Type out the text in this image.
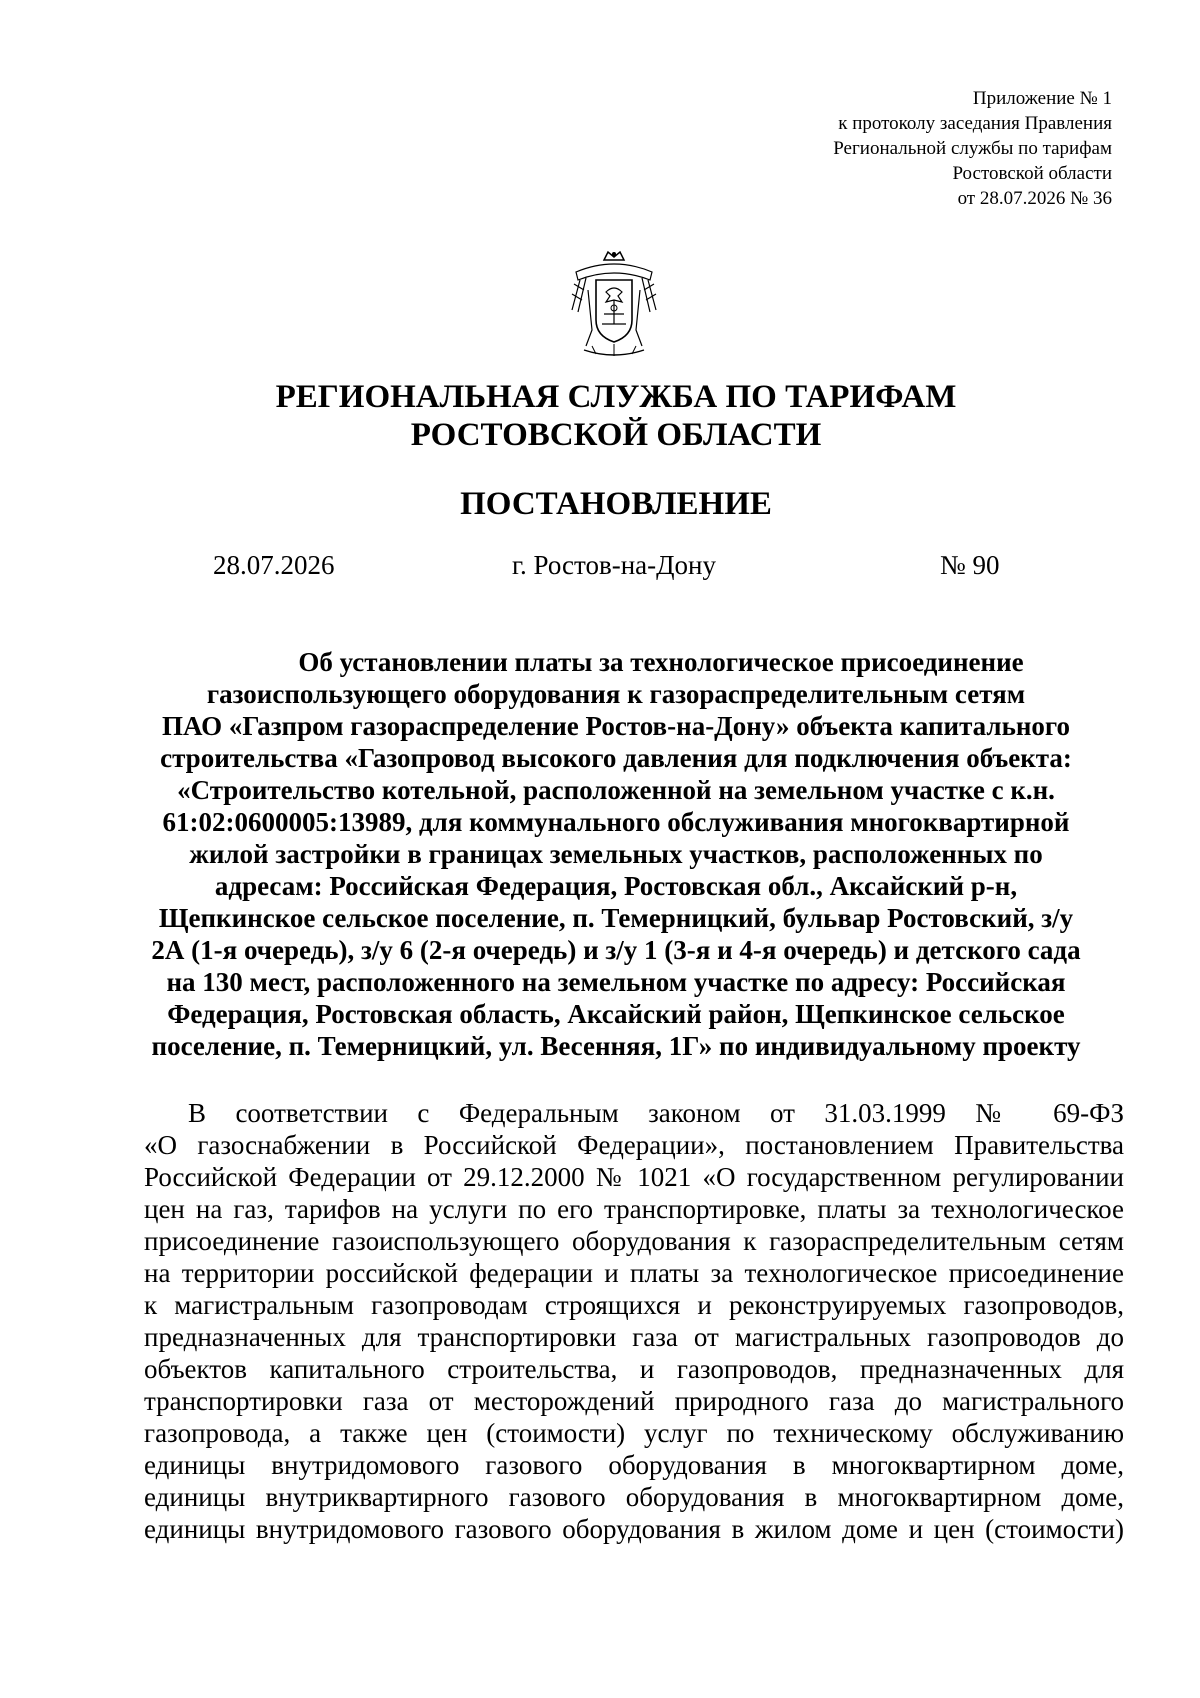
Приложение № 1
к протоколу заседания Правления
Региональной службы по тарифам
Ростовской области
от 28.07.2026 № 36
РЕГИОНАЛЬНАЯ СЛУЖБА ПО ТАРИФАМ
РОСТОВСКОЙ ОБЛАСТИ
ПОСТАНОВЛЕНИЕ
28.07.2026	г. Ростов-на-Дону	№ 90
Об установлении платы за технологическое присоединение
газоиспользующего оборудования к газораспределительным сетям
ПАО «Газпром газораспределение Ростов-на-Дону» объекта капитального
строительства «Газопровод высокого давления для подключения объекта:
«Строительство котельной, расположенной на земельном участке с к.н.
61:02:0600005:13989, для коммунального обслуживания многоквартирной
жилой застройки в границах земельных участков, расположенных по
адресам: Российская Федерация, Ростовская обл., Аксайский р-н,
Щепкинское сельское поселение, п. Темерницкий, бульвар Ростовский, з/у
2А (1-я очередь), з/у 6 (2-я очередь) и з/у 1 (3-я и 4-я очередь) и детского сада
на 130 мест, расположенного на земельном участке по адресу: Российская
Федерация, Ростовская область, Аксайский район, Щепкинское сельское
поселение, п. Темерницкий, ул. Весенняя, 1Г» по индивидуальному проекту
В соответствии с Федеральным законом от 31.03.1999 № 69-ФЗ
«О газоснабжении в Российской Федерации», постановлением Правительства
Российской Федерации от 29.12.2000 № 1021 «О государственном регулировании
цен на газ, тарифов на услуги по его транспортировке, платы за технологическое
присоединение газоиспользующего оборудования к газораспределительным сетям
на территории российской федерации и платы за технологическое присоединение
к магистральным газопроводам строящихся и реконструируемых газопроводов,
предназначенных для транспортировки газа от магистральных газопроводов до
объектов капитального строительства, и газопроводов, предназначенных для
транспортировки газа от месторождений природного газа до магистрального
газопровода, а также цен (стоимости) услуг по техническому обслуживанию
единицы внутридомового газового оборудования в многоквартирном доме,
единицы внутриквартирного газового оборудования в многоквартирном доме,
единицы внутридомового газового оборудования в жилом доме и цен (стоимости)
